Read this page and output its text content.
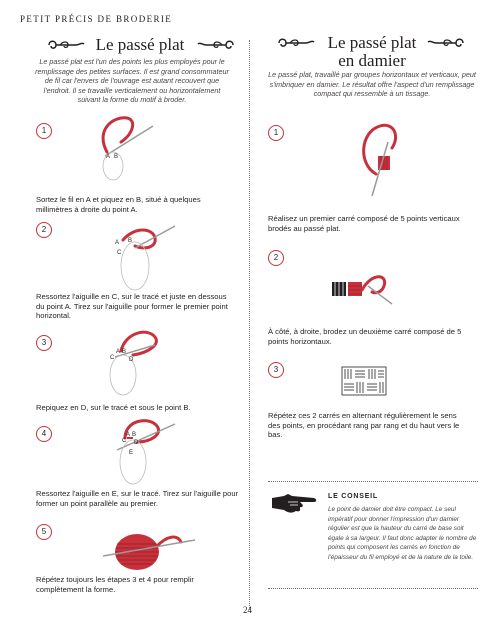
PETIT PRÉCIS DE BRODERIE
Le passé plat
Le passé plat est l'un des points les plus employés pour le remplissage des petites surfaces. Il est grand consommateur de fil car l'envers de l'ouvrage est autant recouvert que l'endroit. Il se travaille verticalement ou horizontalement suivant la forme du motif à broder.
1
A B
Sortez le fil en A et piquez en B, situé à quelques millimètres à droite du point A.
2
A B
C
Ressortez l'aiguille en C, sur le tracé et juste en dessous du point A. Tirez sur l'aiguille pour former le premier point horizontal.
3
C
A B
D
Repiquez en D, sur le tracé et sous le point B.
4
C
A B
D
E
Ressortez l'aiguille en E, sur le tracé. Tirez sur l'aiguille pour former un point parallèle au premier.
5
Répétez toujours les étapes 3 et 4 pour remplir complètement la forme.
Le passé plat
en damier
Le passé plat, travaillé par groupes horizontaux et verticaux, peut s'imbriquer en damier. Le résultat offre l'aspect d'un remplissage compact qui ressemble à un tissage.
1
Réalisez un premier carré composé de 5 points verticaux brodés au passé plat.
2
À côté, à droite, brodez un deuxième carré composé de 5 points horizontaux.
3
Répétez ces 2 carrés en alternant régulièrement le sens des points, en procédant rang par rang et du haut vers le bas.
LE CONSEIL
Le point de damier doit être compact. Le seul impératif pour donner l'impression d'un damier régulier est que la hauteur du carré de base soit égale à sa largeur. Il faut donc adapter le nombre de points qui composent les carrés en fonction de l'épaisseur du fil employé et de la nature de la toile.
24
